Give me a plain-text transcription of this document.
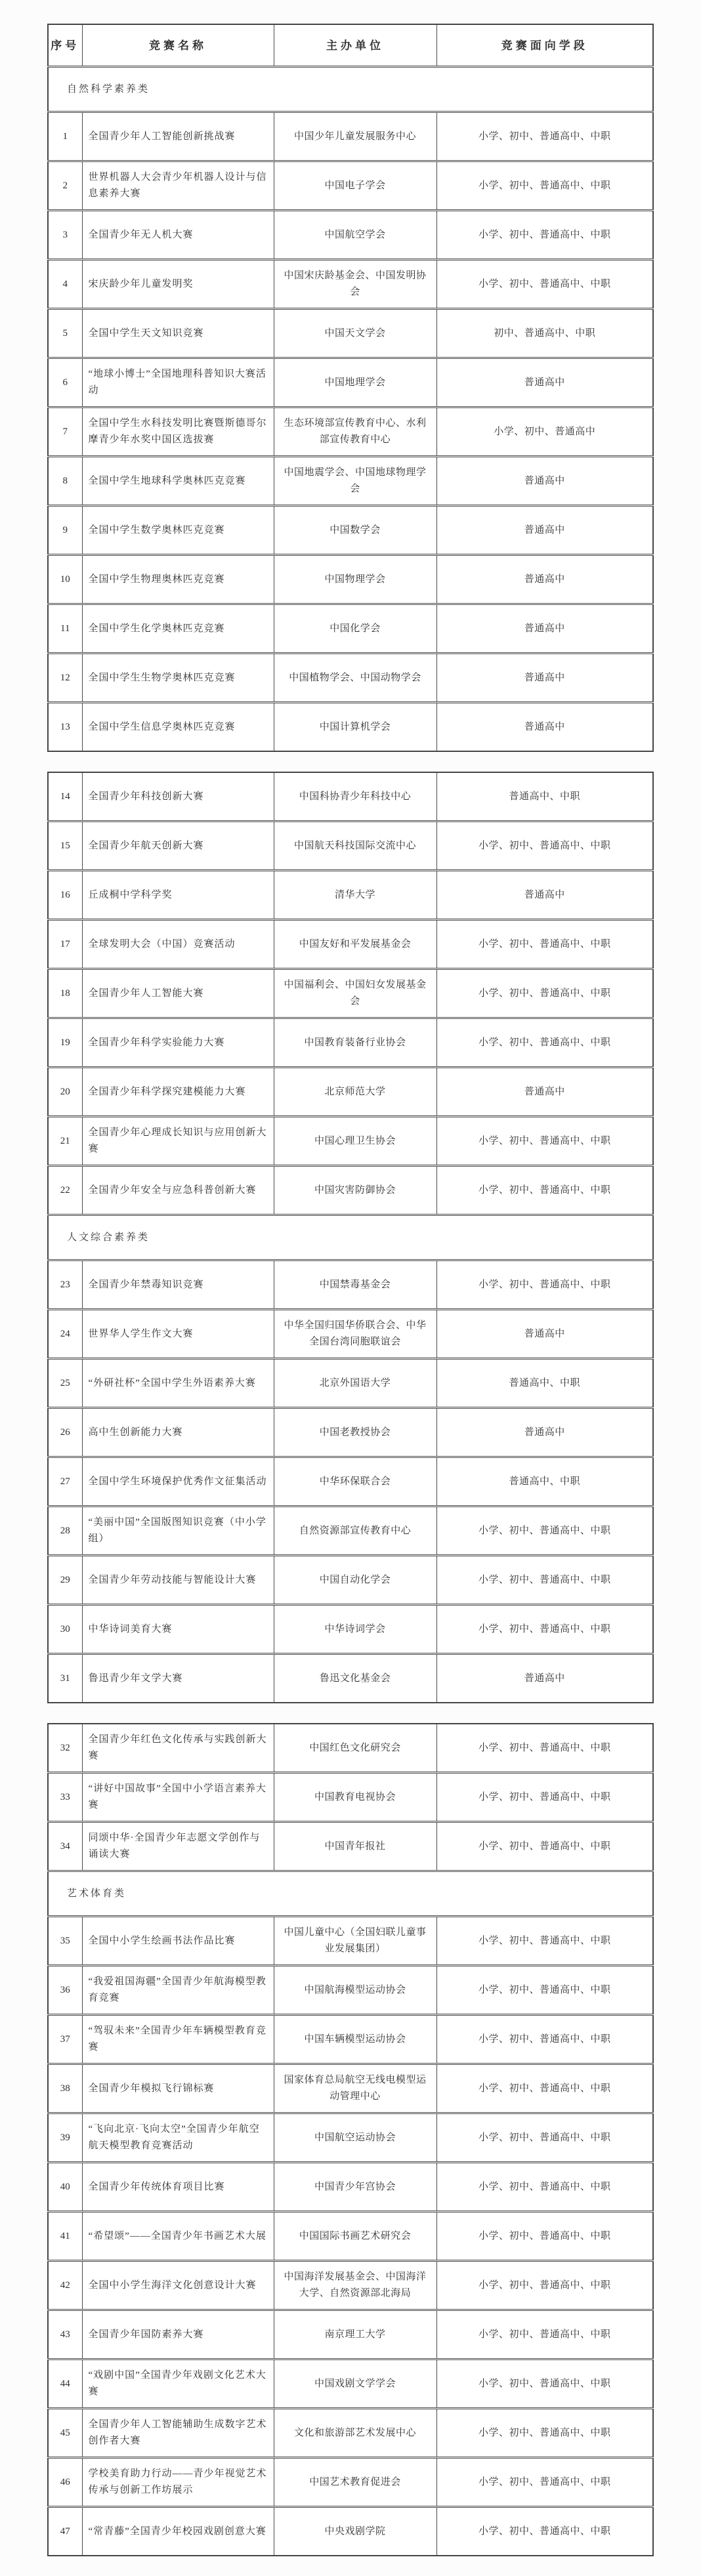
序号	竞赛名称	主办单位	竞赛面向学段
自然科学素养类			
1	全国青少年人工智能创新挑战赛	中国少年儿童发展服务中心	小学、初中、普通高中、中职
2	世界机器人大会青少年机器人设计与信息素养大赛	中国电子学会	小学、初中、普通高中、中职
3	全国青少年无人机大赛	中国航空学会	小学、初中、普通高中、中职
4	宋庆龄少年儿童发明奖	中国宋庆龄基金会、中国发明协会	小学、初中、普通高中、中职
5	全国中学生天文知识竞赛	中国天文学会	初中、普通高中、中职
6	“地球小博士”全国地理科普知识大赛活动	中国地理学会	普通高中
7	全国中学生水科技发明比赛暨斯德哥尔摩青少年水奖中国区选拔赛	生态环境部宣传教育中心、水利部宣传教育中心	小学、初中、普通高中
8	全国中学生地球科学奥林匹克竞赛	中国地震学会、中国地球物理学会	普通高中
9	全国中学生数学奥林匹克竞赛	中国数学会	普通高中
10	全国中学生物理奥林匹克竞赛	中国物理学会	普通高中
11	全国中学生化学奥林匹克竞赛	中国化学会	普通高中
12	全国中学生生物学奥林匹克竞赛	中国植物学会、中国动物学会	普通高中
13	全国中学生信息学奥林匹克竞赛	中国计算机学会	普通高中
14	全国青少年科技创新大赛	中国科协青少年科技中心	普通高中、中职
15	全国青少年航天创新大赛	中国航天科技国际交流中心	小学、初中、普通高中、中职
16	丘成桐中学科学奖	清华大学	普通高中
17	全球发明大会（中国）竞赛活动	中国友好和平发展基金会	小学、初中、普通高中、中职
18	全国青少年人工智能大赛	中国福利会、中国妇女发展基金会	小学、初中、普通高中、中职
19	全国青少年科学实验能力大赛	中国教育装备行业协会	小学、初中、普通高中、中职
20	全国青少年科学探究建模能力大赛	北京师范大学	普通高中
21	全国青少年心理成长知识与应用创新大赛	中国心理卫生协会	小学、初中、普通高中、中职
22	全国青少年安全与应急科普创新大赛	中国灾害防御协会	小学、初中、普通高中、中职
人文综合素养类			
23	全国青少年禁毒知识竞赛	中国禁毒基金会	小学、初中、普通高中、中职
24	世界华人学生作文大赛	中华全国归国华侨联合会、中华全国台湾同胞联谊会	普通高中
25	“外研社杯”全国中学生外语素养大赛	北京外国语大学	普通高中、中职
26	高中生创新能力大赛	中国老教授协会	普通高中
27	全国中学生环境保护优秀作文征集活动	中华环保联合会	普通高中、中职
28	“美丽中国”全国版图知识竞赛（中小学组）	自然资源部宣传教育中心	小学、初中、普通高中、中职
29	全国青少年劳动技能与智能设计大赛	中国自动化学会	小学、初中、普通高中、中职
30	中华诗词美育大赛	中华诗词学会	小学、初中、普通高中、中职
31	鲁迅青少年文学大赛	鲁迅文化基金会	普通高中
32	全国青少年红色文化传承与实践创新大赛	中国红色文化研究会	小学、初中、普通高中、中职
33	“讲好中国故事”全国中小学语言素养大赛	中国教育电视协会	小学、初中、普通高中、中职
34	同颂中华·全国青少年志愿文学创作与诵读大赛	中国青年报社	小学、初中、普通高中、中职
艺术体育类			
35	全国中小学生绘画书法作品比赛	中国儿童中心（全国妇联儿童事业发展集团）	小学、初中、普通高中、中职
36	“我爱祖国海疆”全国青少年航海模型教育竞赛	中国航海模型运动协会	小学、初中、普通高中、中职
37	“驾驭未来”全国青少年车辆模型教育竞赛	中国车辆模型运动协会	小学、初中、普通高中、中职
38	全国青少年模拟飞行锦标赛	国家体育总局航空无线电模型运动管理中心	小学、初中、普通高中、中职
39	“飞向北京·飞向太空”全国青少年航空航天模型教育竞赛活动	中国航空运动协会	小学、初中、普通高中、中职
40	全国青少年传统体育项目比赛	中国青少年宫协会	小学、初中、普通高中、中职
41	“希望颂”——全国青少年书画艺术大展	中国国际书画艺术研究会	小学、初中、普通高中、中职
42	全国中小学生海洋文化创意设计大赛	中国海洋发展基金会、中国海洋大学、自然资源部北海局	小学、初中、普通高中、中职
43	全国青少年国防素养大赛	南京理工大学	小学、初中、普通高中、中职
44	“戏剧中国”全国青少年戏剧文化艺术大赛	中国戏剧文学学会	小学、初中、普通高中、中职
45	全国青少年人工智能辅助生成数字艺术创作者大赛	文化和旅游部艺术发展中心	小学、初中、普通高中、中职
46	学校美育助力行动——青少年视觉艺术传承与创新工作坊展示	中国艺术教育促进会	小学、初中、普通高中、中职
47	“常青藤”全国青少年校园戏剧创意大赛	中央戏剧学院	小学、初中、普通高中、中职
